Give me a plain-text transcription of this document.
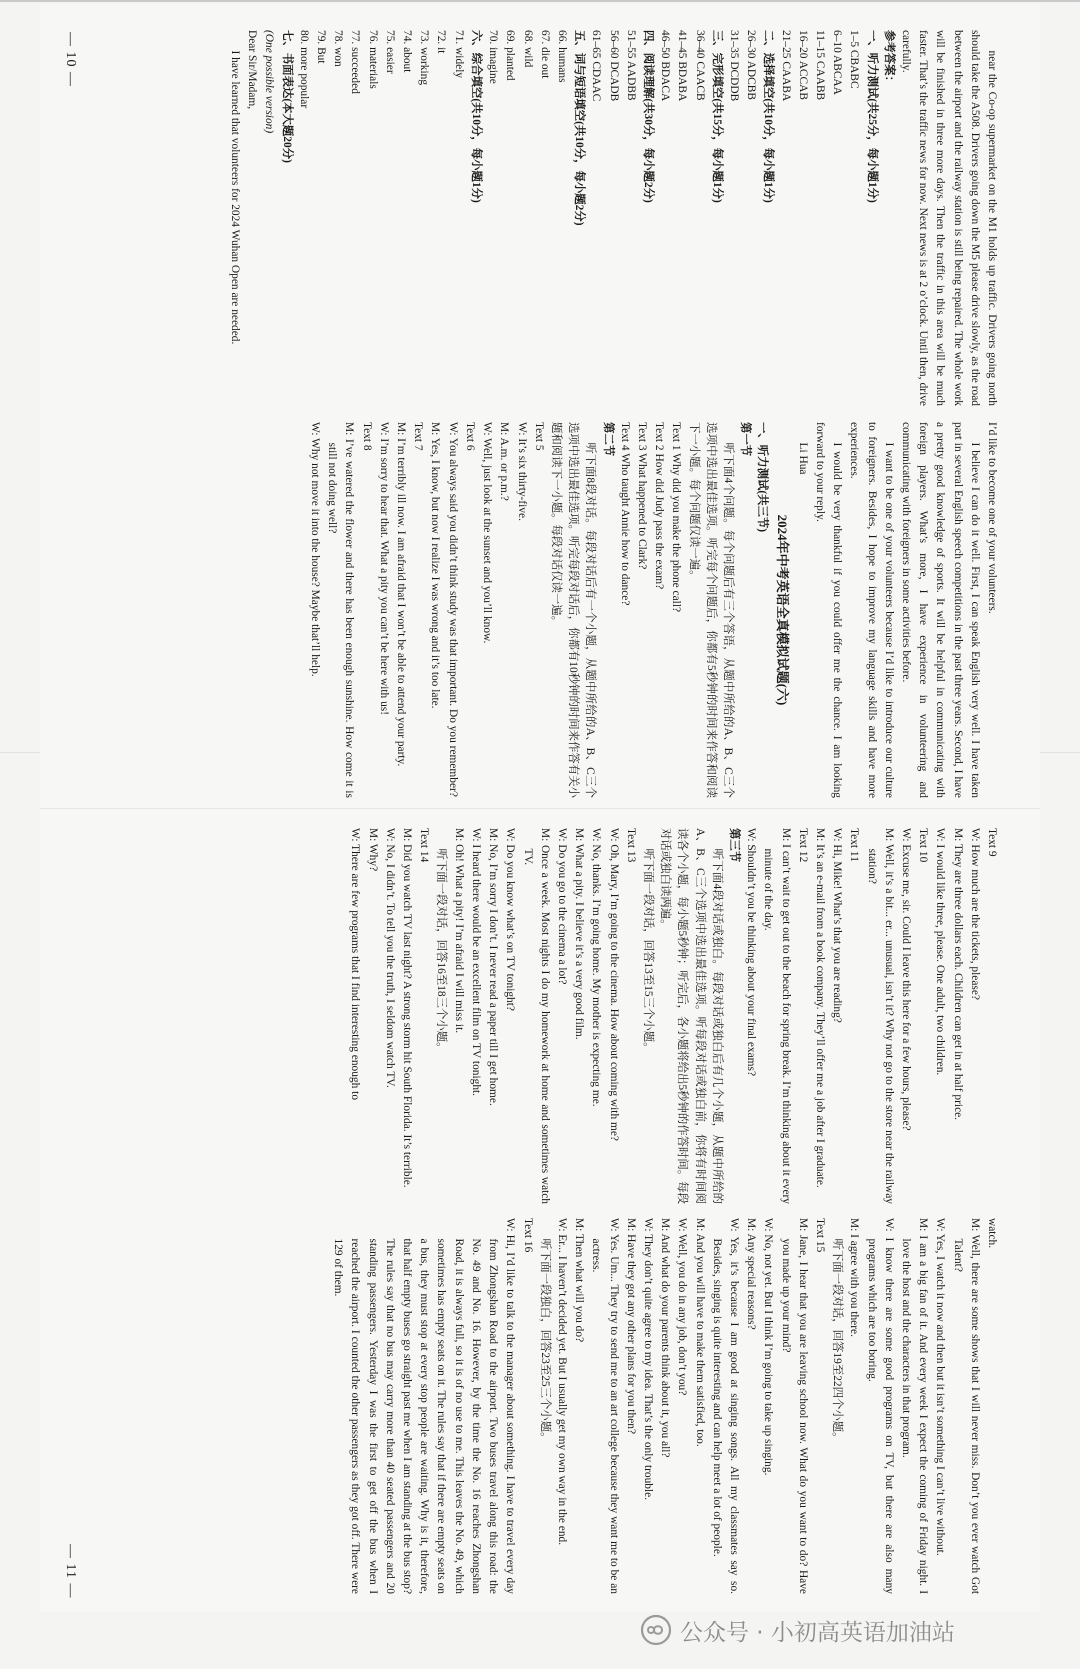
near the Co-op supermarket on the M1 holds up traffic. Drivers going north should take the A508. Drivers going down the M5 please drive slowly, as the road between the airport and the railway station is still being repaired. The whole work will be finished in three more days. Then the traffic in this area will be much faster. That’s the traffic news for now. Next news is at 2 o’clock. Until then, drive carefully.

参考答案：

一、听力测试(共25分，每小题1分)

1–5 CBABC

6–10 ABCAA

11–15 CAABB

16–20 ACCAB

21–25 CAABA

二、选择填空(共10分，每小题1分)

26–30 ADCBB

31–35 DCDDB

三、完形填空(共15分，每小题1分)

36–40 CAACB

41–45 BDABA

46–50 BDACA

四、阅读理解(共30分，每小题2分)

51–55 AADBB

56–60 DCADB

61–65 CDAAC

五、词与短语填空(共10分，每小题2分)

66. humans

67. die out

68. wild

69. planted

70. imagine

六、综合填空(共10分，每小题1分)

71. widely

72. it

73. working

74. about

75. easier

76. materials

77. succeeded

78. won

79. But

80. more popular

七、书面表达(本大题20分)

(One possible version)

Dear Sir/Madam,

I have learned that volunteers for 2024 Wuhan Open are needed.

I’d like to become one of your volunteers.

I believe I can do it well. First, I can speak English very well. I have taken part in several English speech competitions in the past three years. Second, I have a pretty good knowledge of sports. It will be helpful in communicating with foreign players. What’s more, I have experience in volunteering and communicating with foreigners in some activities before.

I want to be one of your volunteers because I’d like to introduce our culture to foreigners. Besides, I hope to improve my language skills and have more experiences.

I would be very thankful if you could offer me the chance. I am looking forward to your reply.

Li Hua

2024年中考英语全真模拟试题(六)

一、听力测试(共三节)

第一节

听下面4个问题。每个问题后有三个答语，从题中所给的A、B、C三个选项中选出最佳选项。听完每个问题后，你都有5秒钟的时间来作答和阅读下一小题。每个问题仅读一遍。

Text 1 Why did you make the phone call?

Text 2 How did Judy pass the exam?

Text 3 What happened to Clark?

Text 4 Who taught Annie how to dance?

第二节

听下面8段对话。每段对话后有一个小题，从题中所给的A、B、C三个选项中选出最佳选项。听完每段对话后，你都有10秒钟的时间来作答有关小题和阅读下一小题。每段对话仅读一遍。

Text 5

W: It’s six thirty-five.

M: A.m. or p.m.?

W: Well, just look at the sunset and you’ll know.

Text 6

W: You always said you didn’t think study was that important. Do you remember?

M: Yes, I know, but now I realize I was wrong and it’s too late.

Text 7

M: I’m terribly ill now. I am afraid that I won’t be able to attend your party.

W: I’m sorry to hear that. What a pity you can’t be here with us!

Text 8

M: I’ve watered the flower and there has been enough sunshine. How come it is still not doing well?

W: Why not move it into the house? Maybe that’ll help.

Text 9

W: How much are the tickets, please?

M: They are three dollars each. Children can get in at half price.

W: I would like three, please. One adult, two children.

Text 10

W: Excuse me, sir. Could I leave this here for a few hours, please?

M: Well, it’s a bit... er... unusual, isn’t it? Why not go to the store near the railway station?

Text 11

W: Hi, Mike! What’s that you are reading?

M: It’s an e-mail from a book company. They’ll offer me a job after I graduate.

Text 12

M: I can’t wait to get out to the beach for spring break. I’m thinking about it every minute of the day.

W: Shouldn’t you be thinking about your final exams?

第三节

听下面4段对话或独白。每段对话或独白后有几个小题，从题中所给的A、B、C三个选项中选出最佳选项。听每段对话或独白前，你将有时间阅读各个小题，每小题5秒钟；听完后，各小题将给出5秒钟的作答时间。每段对话或独白读两遍。

听下面一段对话，回答13至15三个小题。

Text 13

W: Oh, Mary, I’m going to the cinema. How about coming with me?

W: No, thanks. I’m going home. My mother is expecting me.

M: What a pity. I believe it’s a very good film.

W: Do you go to the cinema a lot?

M: Once a week. Most nights I do my homework at home and sometimes watch TV.

W: Do you know what’s on TV tonight?

M: No, I’m sorry I don’t. I never read a paper till I get home.

W: I heard there would be an excellent film on TV tonight.

M: Oh! What a pity! I’m afraid I will miss it.

听下面一段对话，回答16至18三个小题。

Text 14

M: Did you watch TV last night? A strong storm hit South Florida. It’s terrible.

W: No, I didn’t. To tell you the truth, I seldom watch TV.

M: Why?

W: There are few programs that I find interesting enough to

watch.

M: Well, there are some shows that I will never miss. Don’t you ever watch Got Talent?

W: Yes, I watch it now and then but it isn’t something I can’t live without.

M: I am a big fan of it. And every week I expect the coming of Friday night. I love the host and the characters in that program.

W: I know there are some good programs on TV, but there are also many programs which are too boring.

M: I agree with you there.

听下面一段对话，回答19至22四个小题。

Text 15

M: Jane, I hear that you are leaving school now. What do you want to do? Have you made up your mind?

W: No, not yet. But I think I’m going to take up singing.

M: Any special reasons?

W: Yes, it’s because I am good at singing songs. All my classmates say so. Besides, singing is quite interesting and can help meet a lot of people.

M: And you will have to make them satisfied, too.

W: Well, you do in any job, don’t you?

M: And what do your parents think about it, you all?

W: They don’t quite agree to my idea. That’s the only trouble.

M: Have they got any other plans for you then?

W: Yes. Um... They try to send me to an art college because they want me to be an actress.

M: Then what will you do?

W: Er... I haven’t decided yet. But I usually get my own way in the end.

听下面一段独白，回答23至25三个小题。

Text 16

W: Hi, I’d like to talk to the manager about something. I have to travel every day from Zhongshan Road to the airport. Two buses travel along this road: the No. 49 and No. 16. However, by the time the No. 16 reaches Zhongshan Road, it is always full, so it is of no use to me. This leaves the No. 49, which sometimes has empty seats on it. The rules say that if there are empty seats on a bus, they must stop at every stop people are waiting. Why is it, therefore, that half empty buses go straight past me when I am standing at the bus stop? The rules say that no bus may carry more than 40 seated passengers and 20 standing passengers. Yesterday I was the first to get off the bus when I reached the airport. I counted the other passengers as they got off. There were 129 of them.

— 10 —
— 11 —
公众号 · 小初高英语加油站
